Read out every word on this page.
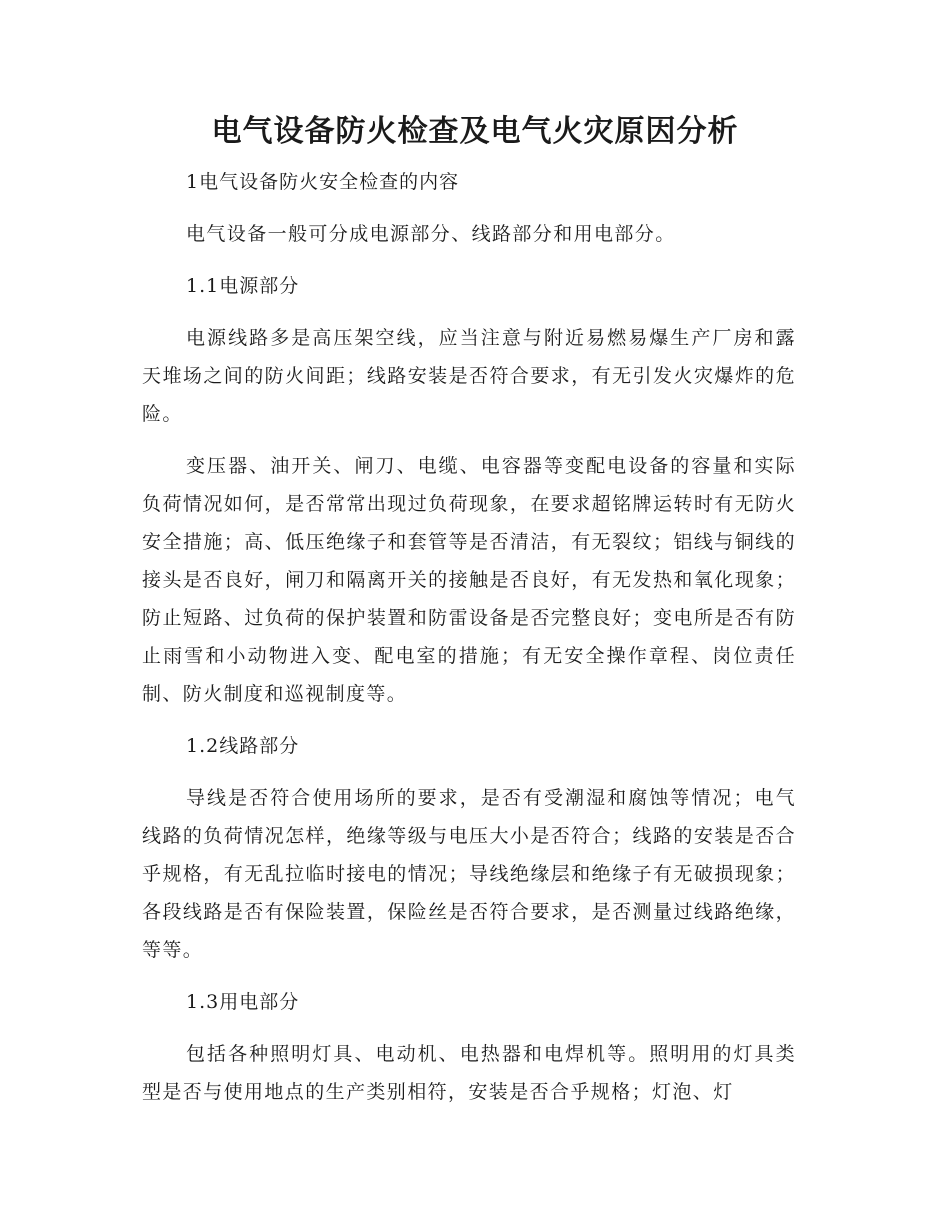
电气设备防火检查及电气火灾原因分析

1电气设备防火安全检查的内容

电气设备一般可分成电源部分、线路部分和用电部分。

1.1电源部分

电源线路多是高压架空线，应当注意与附近易燃易爆生产厂房和露天堆场之间的防火间距；线路安装是否符合要求，有无引发火灾爆炸的危险。

变压器、油开关、闸刀、电缆、电容器等变配电设备的容量和实际负荷情况如何，是否常常出现过负荷现象，在要求超铭牌运转时有无防火安全措施；高、低压绝缘子和套管等是否清洁，有无裂纹；铝线与铜线的接头是否良好，闸刀和隔离开关的接触是否良好，有无发热和氧化现象；防止短路、过负荷的保护装置和防雷设备是否完整良好；变电所是否有防止雨雪和小动物进入变、配电室的措施；有无安全操作章程、岗位责任制、防火制度和巡视制度等。

1.2线路部分

导线是否符合使用场所的要求，是否有受潮湿和腐蚀等情况；电气线路的负荷情况怎样，绝缘等级与电压大小是否符合；线路的安装是否合乎规格，有无乱拉临时接电的情况；导线绝缘层和绝缘子有无破损现象；各段线路是否有保险装置，保险丝是否符合要求，是否测量过线路绝缘，等等。

1.3用电部分

包括各种照明灯具、电动机、电热器和电焊机等。照明用的灯具类型是否与使用地点的生产类别相符，安装是否合乎规格；灯泡、灯
